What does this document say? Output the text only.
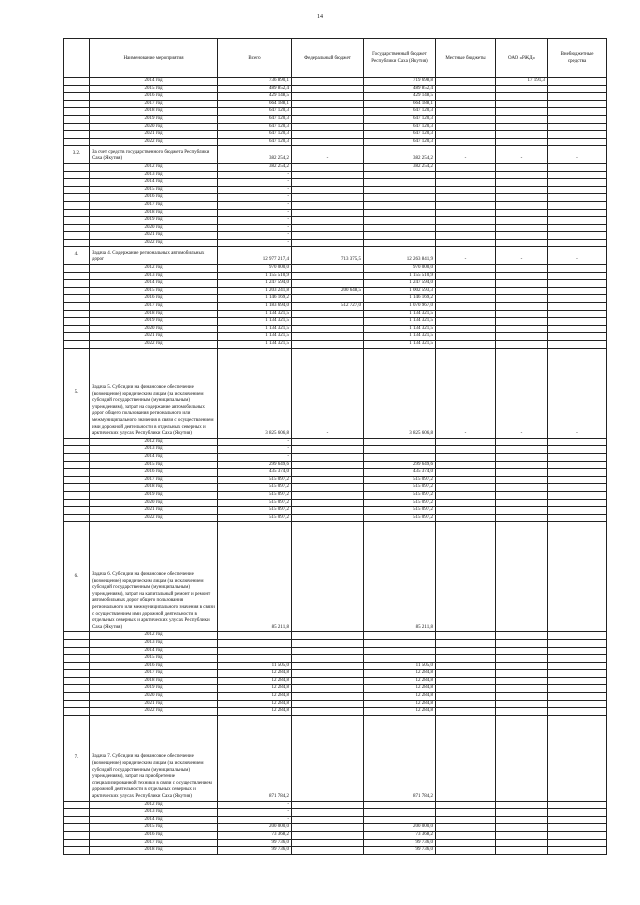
14
	Наименование мероприятия	Всего	Федеральный бюджет	Государственный бюджет Республики Саха (Якутия)	Местные бюджеты	ОАО «РЖД»	Внебюджетные средства
	2014 год	736 890,1		719 698,8		17 191,3	
	2015 год	489 852,4		489 852,4			
	2016 год	429 148,5		429 148,5			
	2017 год	664 188,1		664 188,1			
	2018 год	647 120,3		647 120,3			
	2019 год	647 120,3		647 120,3			
	2020 год	647 120,3		647 120,3			
	2021 год	647 120,3		647 120,3			
	2022 год	647 120,3		647 120,3			
3.2.	За счет средств государственного бюджета Республики Саха (Якутия)	382 254,2	-	382 254,2	-	-	-
	2012 год	382 254,2		382 254,2			
	2013 год	-					
	2014 год	-					
	2015 год	-					
	2016 год	-					
	2017 год	-					
	2018 год	-					
	2019 год	-					
	2020 год	-					
	2021 год	-					
	2022 год	-					
4.	Задача 4. Содержание региональных автомобильных дорог	12 977 217,4	713 375,5	12 263 841,9	-	-	-
	2012 год	970 000,0		970 000,0			
	2013 год	1 155 510,9		1 155 510,9			
	2014 год	1 247 594,0		1 247 594,0			
	2015 год	1 203 241,8	200 648,5	1 002 593,3			
	2016 год	1 146 169,2		1 146 169,2			
	2017 год	1 183 694,0	512 727,0	1 070 967,0			
	2018 год	1 134 321,5		1 134 321,5			
	2019 год	1 134 321,5		1 134 321,5			
	2020 год	1 134 321,5		1 134 321,5			
	2021 год	1 134 321,5		1 134 321,5			
	2022 год	1 134 321,5		1 134 321,5			
5.	Задача 5. Субсидии на финансовое обеспечение (возмещение) юридическим лицам (за исключением субсидий государственным (муниципальным) учреждениям), затрат на содержание автомобильных дорог общего пользования регионального или межмуниципального значения в связи с осуществлением ими дорожной деятельности в отдельных северных и арктических улусах Республики Саха (Якутия)	3 825 606,8	-	3 825 606,8	-	-	-
	2012 год	-					
	2013 год	-					
	2014 год	-					
	2015 год	299 649,6		299 649,6			
	2016 год	435 374,0		435 374,0			
	2017 год	515 097,2		515 097,2			
	2018 год	515 097,2		515 097,2			
	2019 год	515 097,2		515 097,2			
	2020 год	515 097,2		515 097,2			
	2021 год	515 097,2		515 097,2			
	2022 год	515 097,2		515 097,2			
6.	Задача 6. Субсидии на финансовое обеспечение (возмещение) юридическим лицам (за исключением субсидий государственным (муниципальным) учреждениям), затрат на капитальный ремонт и ремонт автомобильных дорог общего пользования регионального или межмуниципального значения в связи с осуществлением ими дорожной деятельности в отдельных северных и арктических улусах Республики Саха (Якутия)	85 211,8		85 211,8			
	2012 год						
	2013 год						
	2014 год						
	2015 год						
	2016 год	11 505,0		11 505,0			
	2017 год	12 284,8		12 284,8			
	2018 год	12 284,8		12 284,8			
	2019 год	12 284,8		12 284,8			
	2020 год	12 284,8		12 284,8			
	2021 год	12 284,8		12 284,8			
	2022 год	12 284,8		12 284,8			
7.	Задача 7. Субсидии на финансовое обеспечение (возмещение) юридическим лицам (за исключением субсидий государственным (муниципальным) учреждениям), затрат на приобретение специализированной техники в связи с осуществлением дорожной деятельности в отдельных северных и арктических улусах Республики Саха (Якутия)	871 784,2		871 784,2			
	2012 год	-					
	2013 год	-					
	2014 год	-					
	2015 год	200 000,0		200 000,0			
	2016 год	73 368,2		73 368,2			
	2017 год	99 736,0		99 736,0			
	2018 год	99 736,0		99 736,0			
